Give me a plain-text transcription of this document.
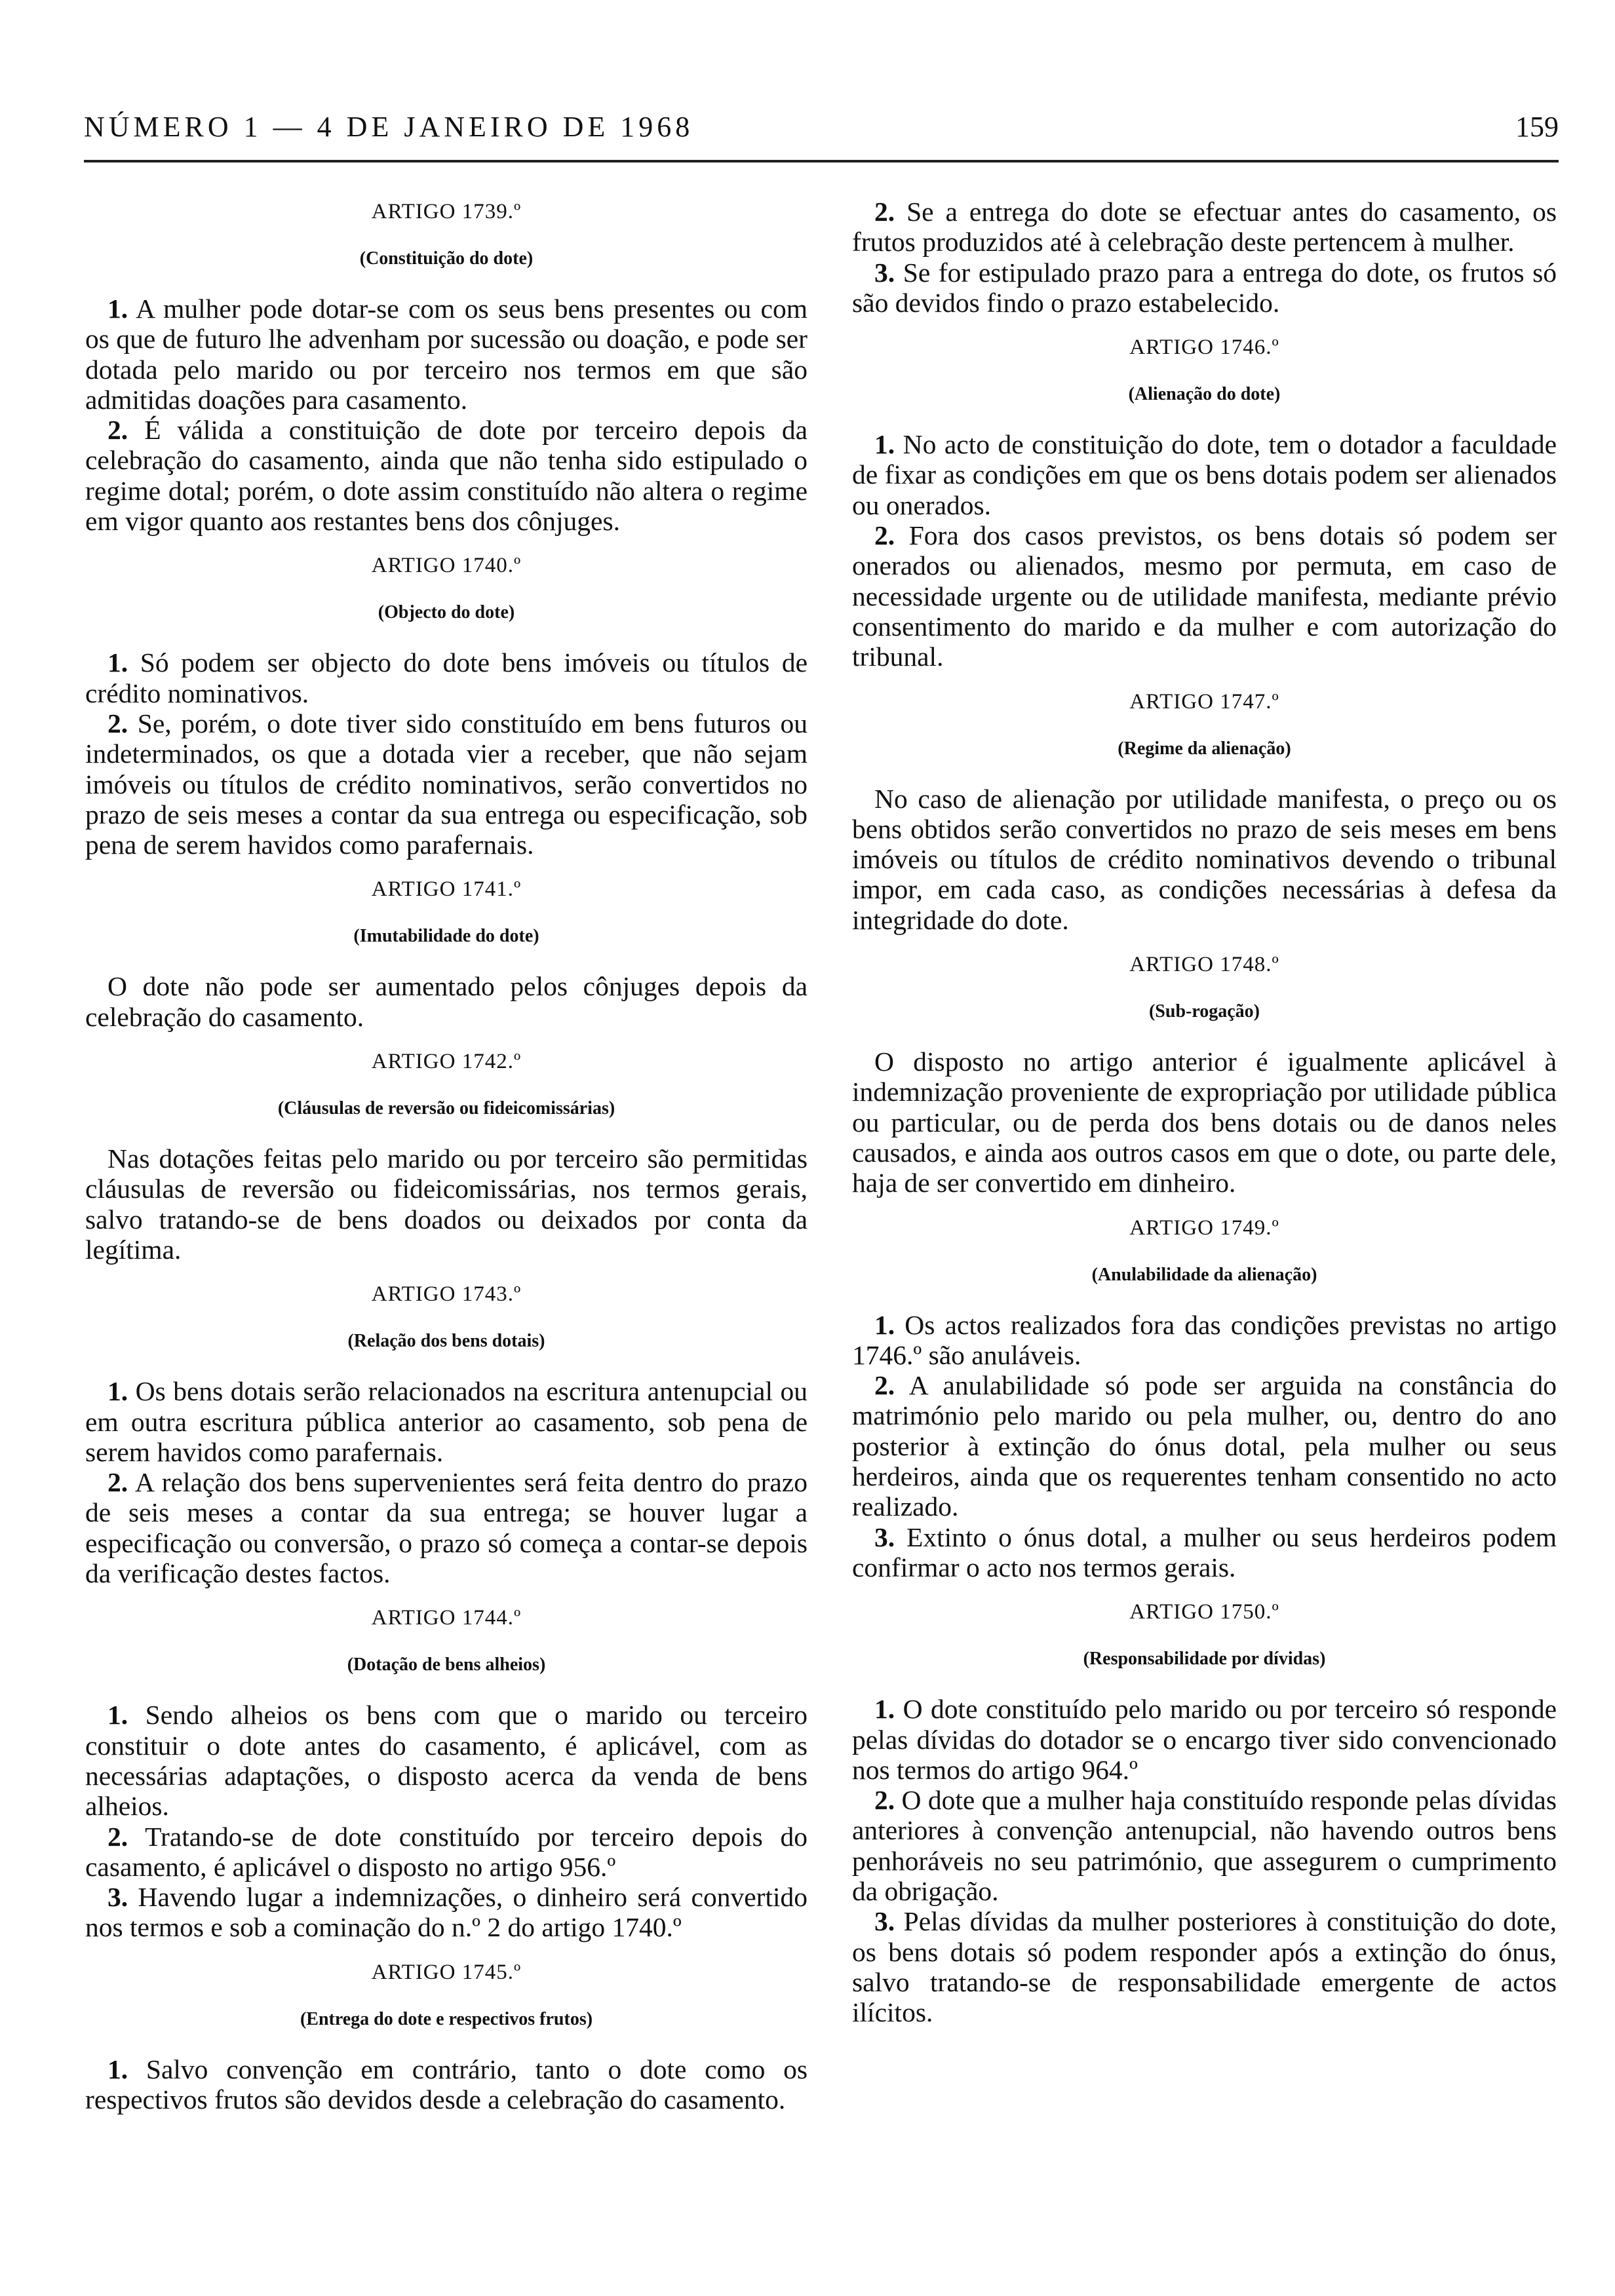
NÚMERO 1 — 4 DE JANEIRO DE 1968	159
ARTIGO 1739.º
(Constituição do dote)
1. A mulher pode dotar-se com os seus bens presentes ou com os que de futuro lhe advenham por sucessão ou doação, e pode ser dotada pelo marido ou por terceiro nos termos em que são admitidas doações para casamento.
2. É válida a constituição de dote por terceiro depois da celebração do casamento, ainda que não tenha sido estipulado o regime dotal; porém, o dote assim constituído não altera o regime em vigor quanto aos restantes bens dos cônjuges.
ARTIGO 1740.º
(Objecto do dote)
1. Só podem ser objecto do dote bens imóveis ou títulos de crédito nominativos.
2. Se, porém, o dote tiver sido constituído em bens futuros ou indeterminados, os que a dotada vier a receber, que não sejam imóveis ou títulos de crédito nominativos, serão convertidos no prazo de seis meses a contar da sua entrega ou especificação, sob pena de serem havidos como parafernais.
ARTIGO 1741.º
(Imutabilidade do dote)
O dote não pode ser aumentado pelos cônjuges depois da celebração do casamento.
ARTIGO 1742.º
(Cláusulas de reversão ou fideicomissárias)
Nas dotações feitas pelo marido ou por terceiro são permitidas cláusulas de reversão ou fideicomissárias, nos termos gerais, salvo tratando-se de bens doados ou deixados por conta da legítima.
ARTIGO 1743.º
(Relação dos bens dotais)
1. Os bens dotais serão relacionados na escritura antenupcial ou em outra escritura pública anterior ao casamento, sob pena de serem havidos como parafernais.
2. A relação dos bens supervenientes será feita dentro do prazo de seis meses a contar da sua entrega; se houver lugar a especificação ou conversão, o prazo só começa a contar-se depois da verificação destes factos.
ARTIGO 1744.º
(Dotação de bens alheios)
1. Sendo alheios os bens com que o marido ou terceiro constituir o dote antes do casamento, é aplicável, com as necessárias adaptações, o disposto acerca da venda de bens alheios.
2. Tratando-se de dote constituído por terceiro depois do casamento, é aplicável o disposto no artigo 956.º
3. Havendo lugar a indemnizações, o dinheiro será convertido nos termos e sob a cominação do n.º 2 do artigo 1740.º
ARTIGO 1745.º
(Entrega do dote e respectivos frutos)
1. Salvo convenção em contrário, tanto o dote como os respectivos frutos são devidos desde a celebração do casamento.
2. Se a entrega do dote se efectuar antes do casamento, os frutos produzidos até à celebração deste pertencem à mulher.
3. Se for estipulado prazo para a entrega do dote, os frutos só são devidos findo o prazo estabelecido.
ARTIGO 1746.º
(Alienação do dote)
1. No acto de constituição do dote, tem o dotador a faculdade de fixar as condições em que os bens dotais podem ser alienados ou onerados.
2. Fora dos casos previstos, os bens dotais só podem ser onerados ou alienados, mesmo por permuta, em caso de necessidade urgente ou de utilidade manifesta, mediante prévio consentimento do marido e da mulher e com autorização do tribunal.
ARTIGO 1747.º
(Regime da alienação)
No caso de alienação por utilidade manifesta, o preço ou os bens obtidos serão convertidos no prazo de seis meses em bens imóveis ou títulos de crédito nominativos devendo o tribunal impor, em cada caso, as condições necessárias à defesa da integridade do dote.
ARTIGO 1748.º
(Sub-rogação)
O disposto no artigo anterior é igualmente aplicável à indemnização proveniente de expropriação por utilidade pública ou particular, ou de perda dos bens dotais ou de danos neles causados, e ainda aos outros casos em que o dote, ou parte dele, haja de ser convertido em dinheiro.
ARTIGO 1749.º
(Anulabilidade da alienação)
1. Os actos realizados fora das condições previstas no artigo 1746.º são anuláveis.
2. A anulabilidade só pode ser arguida na constância do matrimónio pelo marido ou pela mulher, ou, dentro do ano posterior à extinção do ónus dotal, pela mulher ou seus herdeiros, ainda que os requerentes tenham consentido no acto realizado.
3. Extinto o ónus dotal, a mulher ou seus herdeiros podem confirmar o acto nos termos gerais.
ARTIGO 1750.º
(Responsabilidade por dívidas)
1. O dote constituído pelo marido ou por terceiro só responde pelas dívidas do dotador se o encargo tiver sido convencionado nos termos do artigo 964.º
2. O dote que a mulher haja constituído responde pelas dívidas anteriores à convenção antenupcial, não havendo outros bens penhoráveis no seu património, que assegurem o cumprimento da obrigação.
3. Pelas dívidas da mulher posteriores à constituição do dote, os bens dotais só podem responder após a extinção do ónus, salvo tratando-se de responsabilidade emergente de actos ilícitos.
